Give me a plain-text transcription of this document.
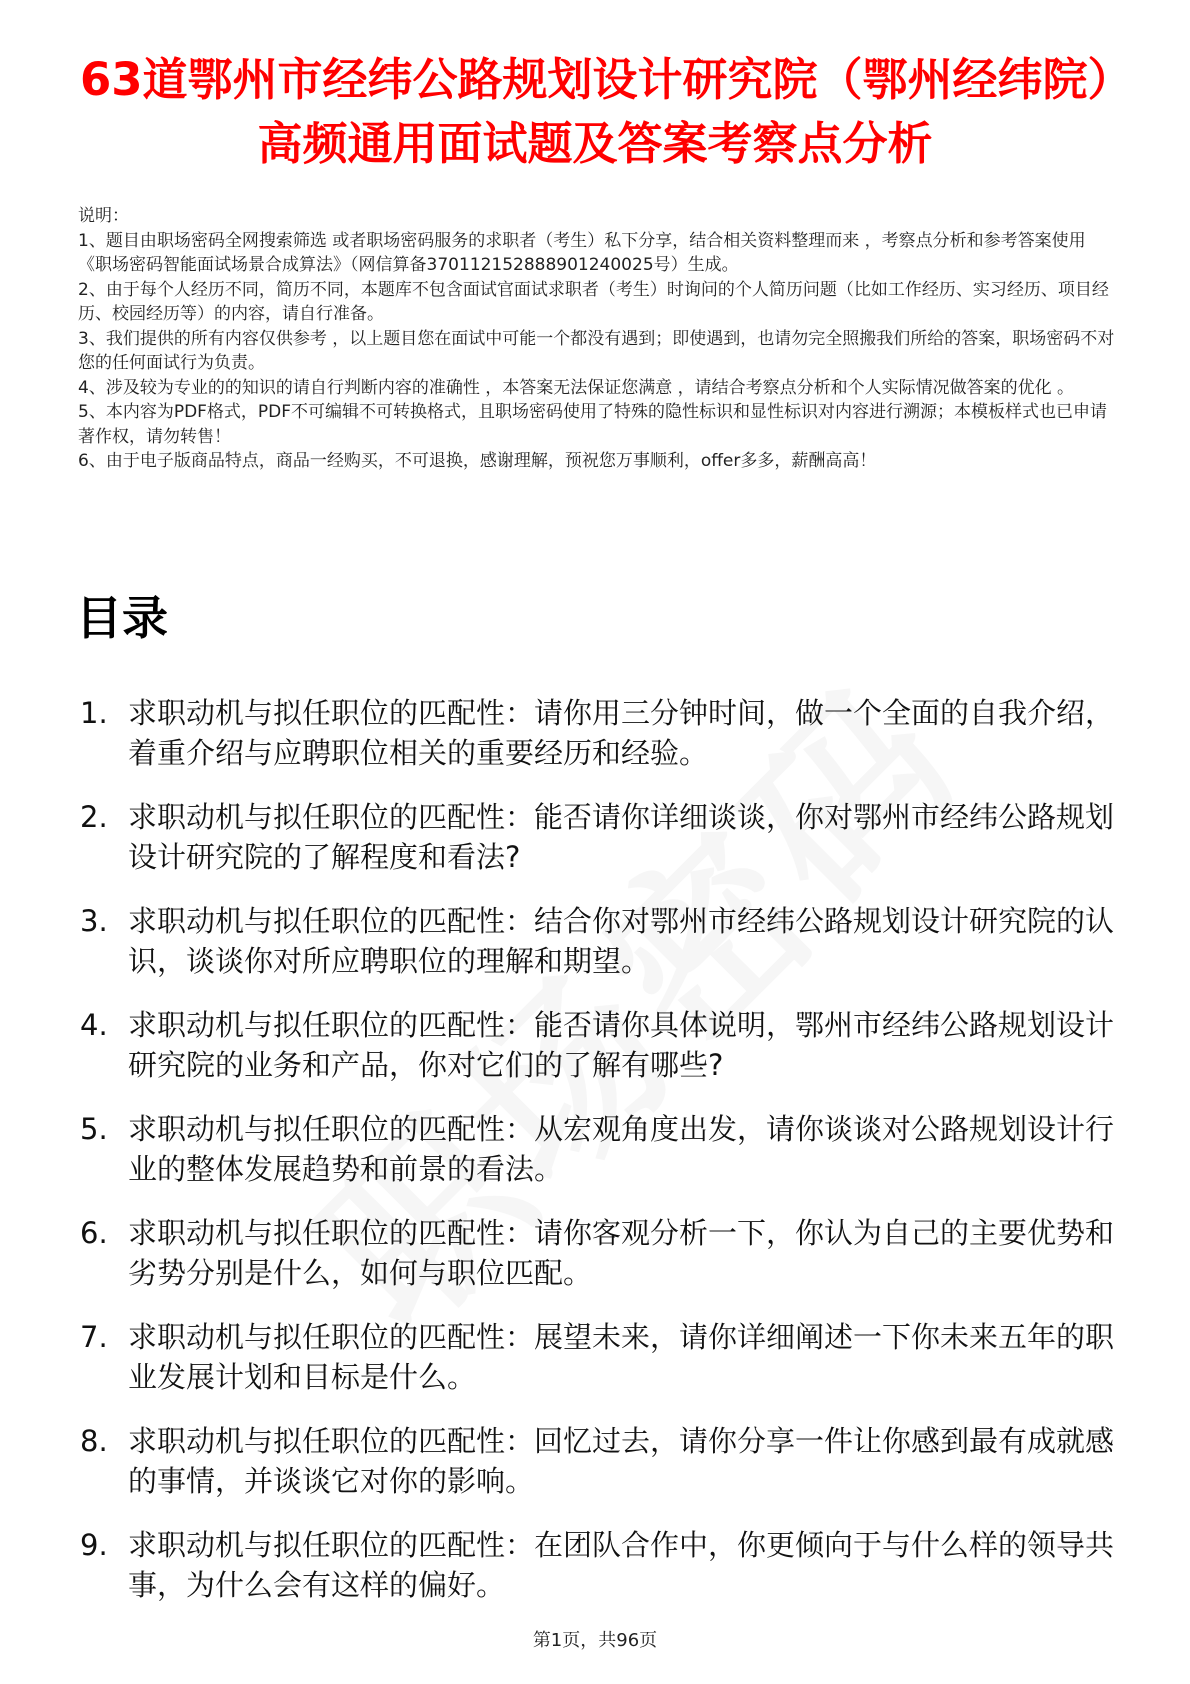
63道鄂州市经纬公路规划设计研究院（鄂州经纬院）高频通用面试题及答案考察点分析

说明：

1、题目由职场密码全网搜索筛选 或者职场密码服务的求职者（考生）私下分享，结合相关资料整理而来 ，考察点分析和参考答案使用《职场密码智能面试场景合成算法》（网信算备370112152888901240025号）生成。

2、由于每个人经历不同，简历不同，本题库不包含面试官面试求职者（考生）时询问的个人简历问题（比如工作经历、实习经历、项目经历、校园经历等）的内容，请自行准备。

3、我们提供的所有内容仅供参考 ，以上题目您在面试中可能一个都没有遇到；即使遇到，也请勿完全照搬我们所给的答案，职场密码不对您的任何面试行为负责。

4、涉及较为专业的的知识的请自行判断内容的准确性 ，本答案无法保证您满意 ，请结合考察点分析和个人实际情况做答案的优化 。

5、本内容为PDF格式，PDF不可编辑不可转换格式，且职场密码使用了特殊的隐性标识和显性标识对内容进行溯源；本模板样式也已申请著作权，请勿转售！

6、由于电子版商品特点，商品一经购买，不可退换，感谢理解，预祝您万事顺利，offer多多，薪酬高高！

目录
1. 求职动机与拟任职位的匹配性：请你用三分钟时间，做一个全面的自我介绍，着重介绍与应聘职位相关的重要经历和经验。
2. 求职动机与拟任职位的匹配性：能否请你详细谈谈，你对鄂州市经纬公路规划设计研究院的了解程度和看法?
3. 求职动机与拟任职位的匹配性：结合你对鄂州市经纬公路规划设计研究院的认识，谈谈你对所应聘职位的理解和期望。
4. 求职动机与拟任职位的匹配性：能否请你具体说明，鄂州市经纬公路规划设计研究院的业务和产品，你对它们的了解有哪些?
5. 求职动机与拟任职位的匹配性：从宏观角度出发，请你谈谈对公路规划设计行业的整体发展趋势和前景的看法。
6. 求职动机与拟任职位的匹配性：请你客观分析一下，你认为自己的主要优势和劣势分别是什么，如何与职位匹配。
7. 求职动机与拟任职位的匹配性：展望未来，请你详细阐述一下你未来五年的职业发展计划和目标是什么。
8. 求职动机与拟任职位的匹配性：回忆过去，请你分享一件让你感到最有成就感的事情，并谈谈它对你的影响。
9. 求职动机与拟任职位的匹配性：在团队合作中，你更倾向于与什么样的领导共事，为什么会有这样的偏好。
第1页，共96页
